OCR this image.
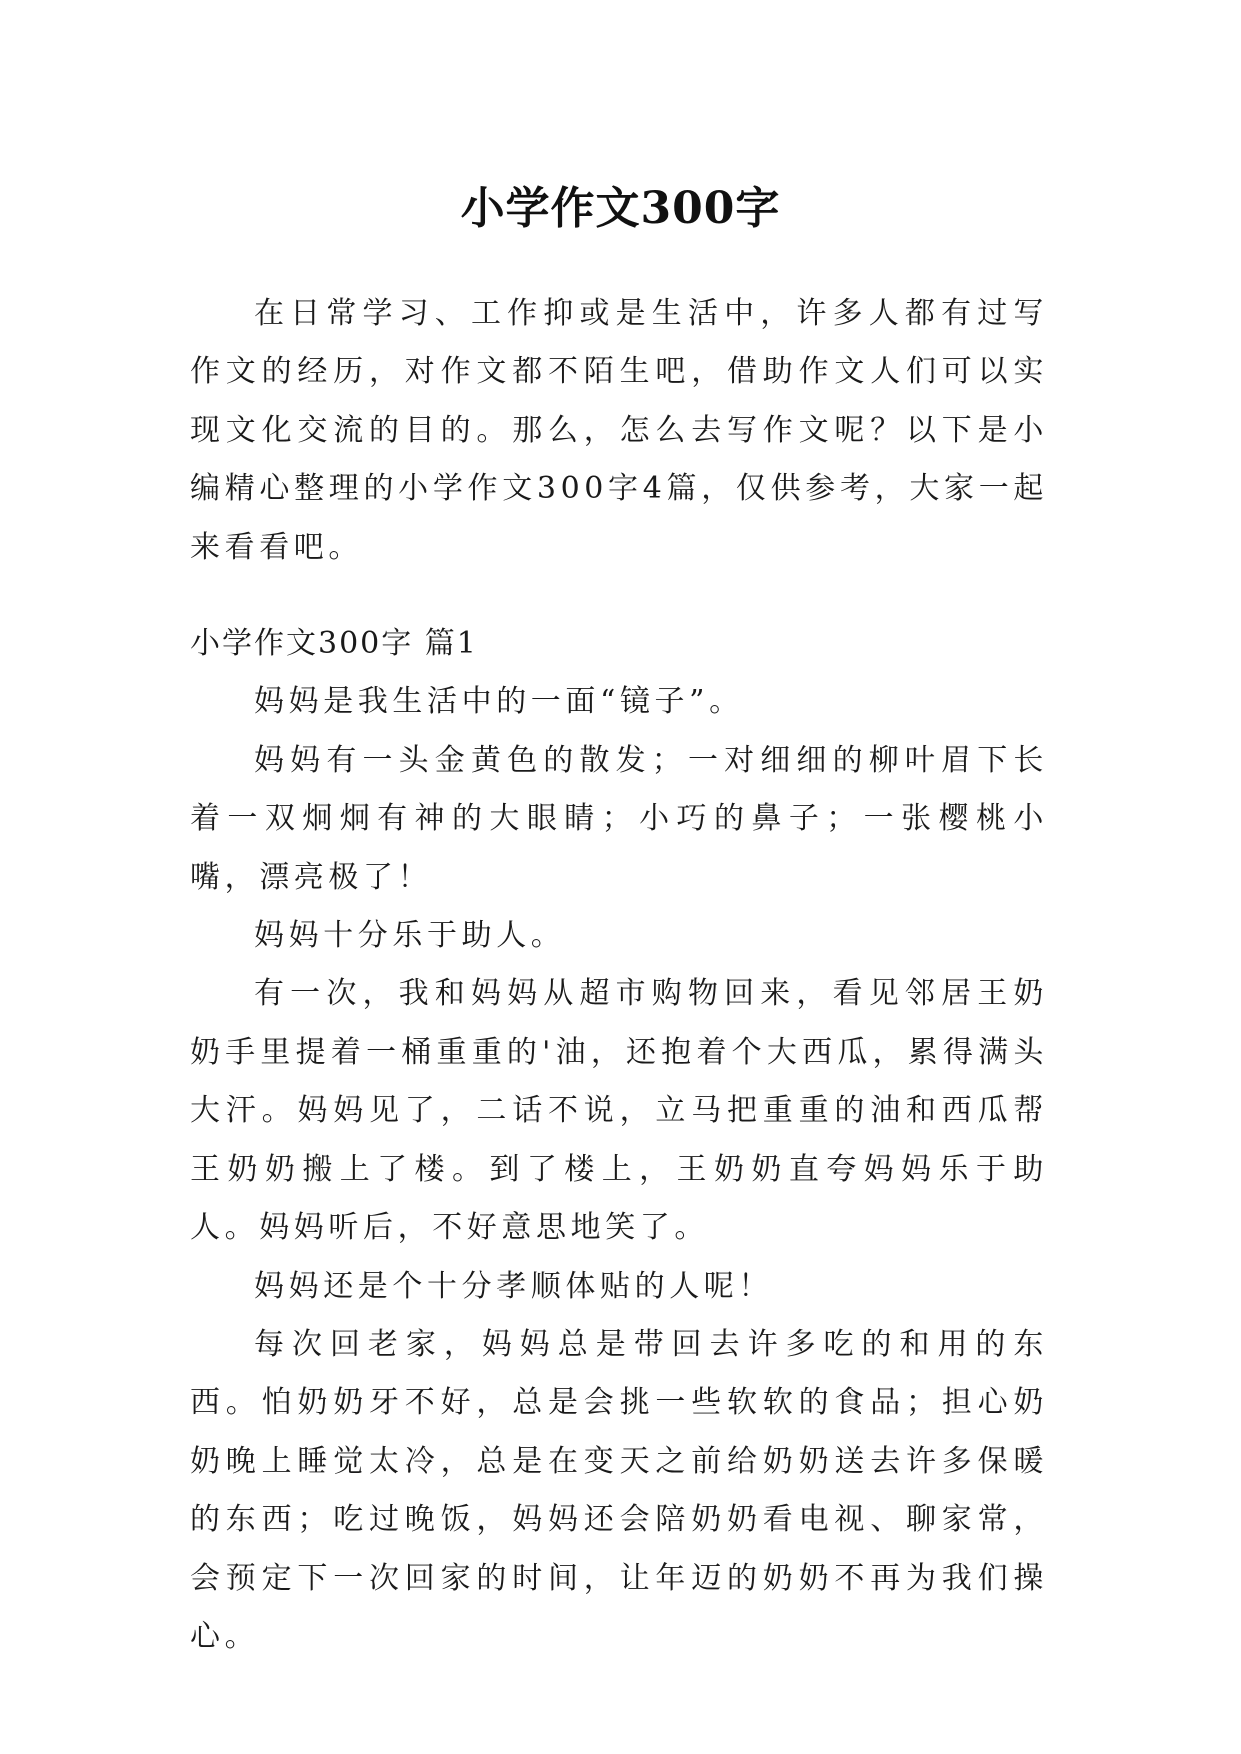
小学作文300字

在日常学习、工作抑或是生活中，许多人都有过写作文的经历，对作文都不陌生吧，借助作文人们可以实现文化交流的目的。那么，怎么去写作文呢？以下是小编精心整理的小学作文300字4篇，仅供参考，大家一起来看看吧。

小学作文300字 篇1

妈妈是我生活中的一面“镜子”。

妈妈有一头金黄色的散发；一对细细的柳叶眉下长着一双炯炯有神的大眼睛；小巧的鼻子；一张樱桃小嘴，漂亮极了！

妈妈十分乐于助人。

有一次，我和妈妈从超市购物回来，看见邻居王奶奶手里提着一桶重重的'油，还抱着个大西瓜，累得满头大汗。妈妈见了，二话不说，立马把重重的油和西瓜帮王奶奶搬上了楼。到了楼上，王奶奶直夸妈妈乐于助人。妈妈听后，不好意思地笑了。

妈妈还是个十分孝顺体贴的人呢！

每次回老家，妈妈总是带回去许多吃的和用的东西。怕奶奶牙不好，总是会挑一些软软的食品；担心奶奶晚上睡觉太冷，总是在变天之前给奶奶送去许多保暖的东西；吃过晚饭，妈妈还会陪奶奶看电视、聊家常，会预定下一次回家的时间，让年迈的奶奶不再为我们操心。
